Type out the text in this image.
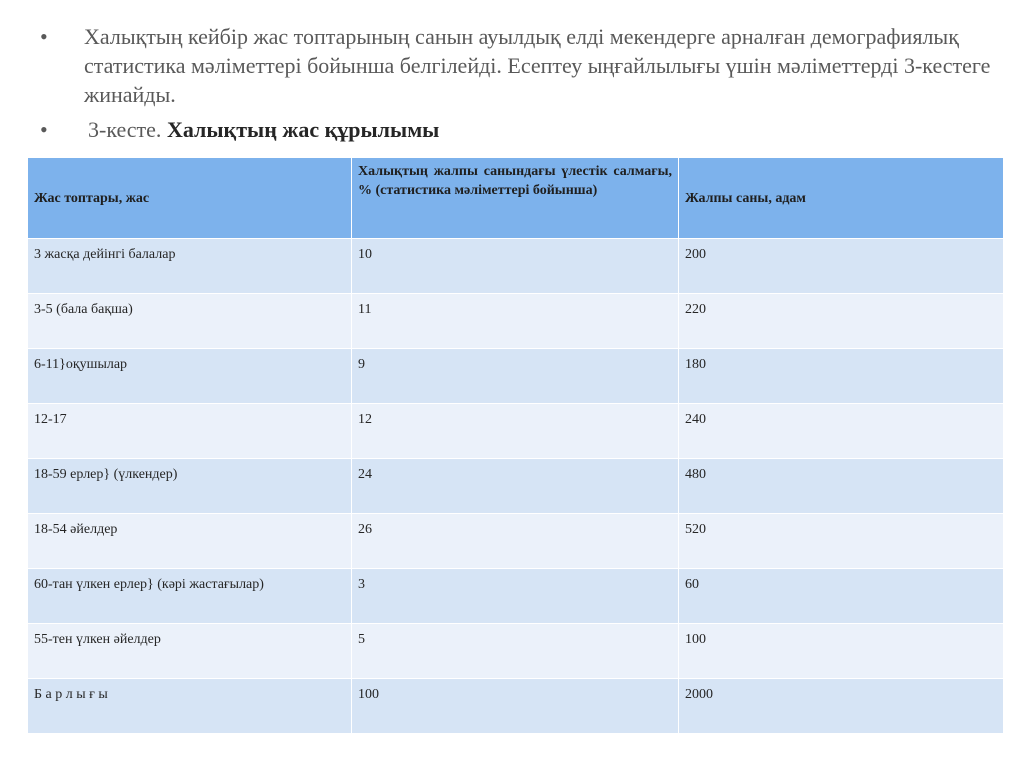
• Халықтың кейбір жас топтарының санын ауылдық елді мекендерге арналған демографиялық статистика мәліметтері бойынша белгілейді. Есептеу ыңғайлылығы үшін мәліметтерді 3-кестеге жинайды.
• 3-кесте. Халықтың жас құрылымы
Жас топтары, жас	Халықтың жалпы санындағы үлестік салмағы, % (статистика мәліметтері бойынша)	Жалпы саны, адам
3 жасқа дейінгі балалар	10	200
3-5 (бала бақша)	11	220
6-11}оқушылар	9	180
12-17	12	240
18-59 ерлер} (үлкендер)	24	480
18-54 әйелдер	26	520
60-тан үлкен ерлер} (кәрі жастағылар)	3	60
55-тен үлкен әйелдер	5	100
Б а р л ы ғ ы	100	2000
